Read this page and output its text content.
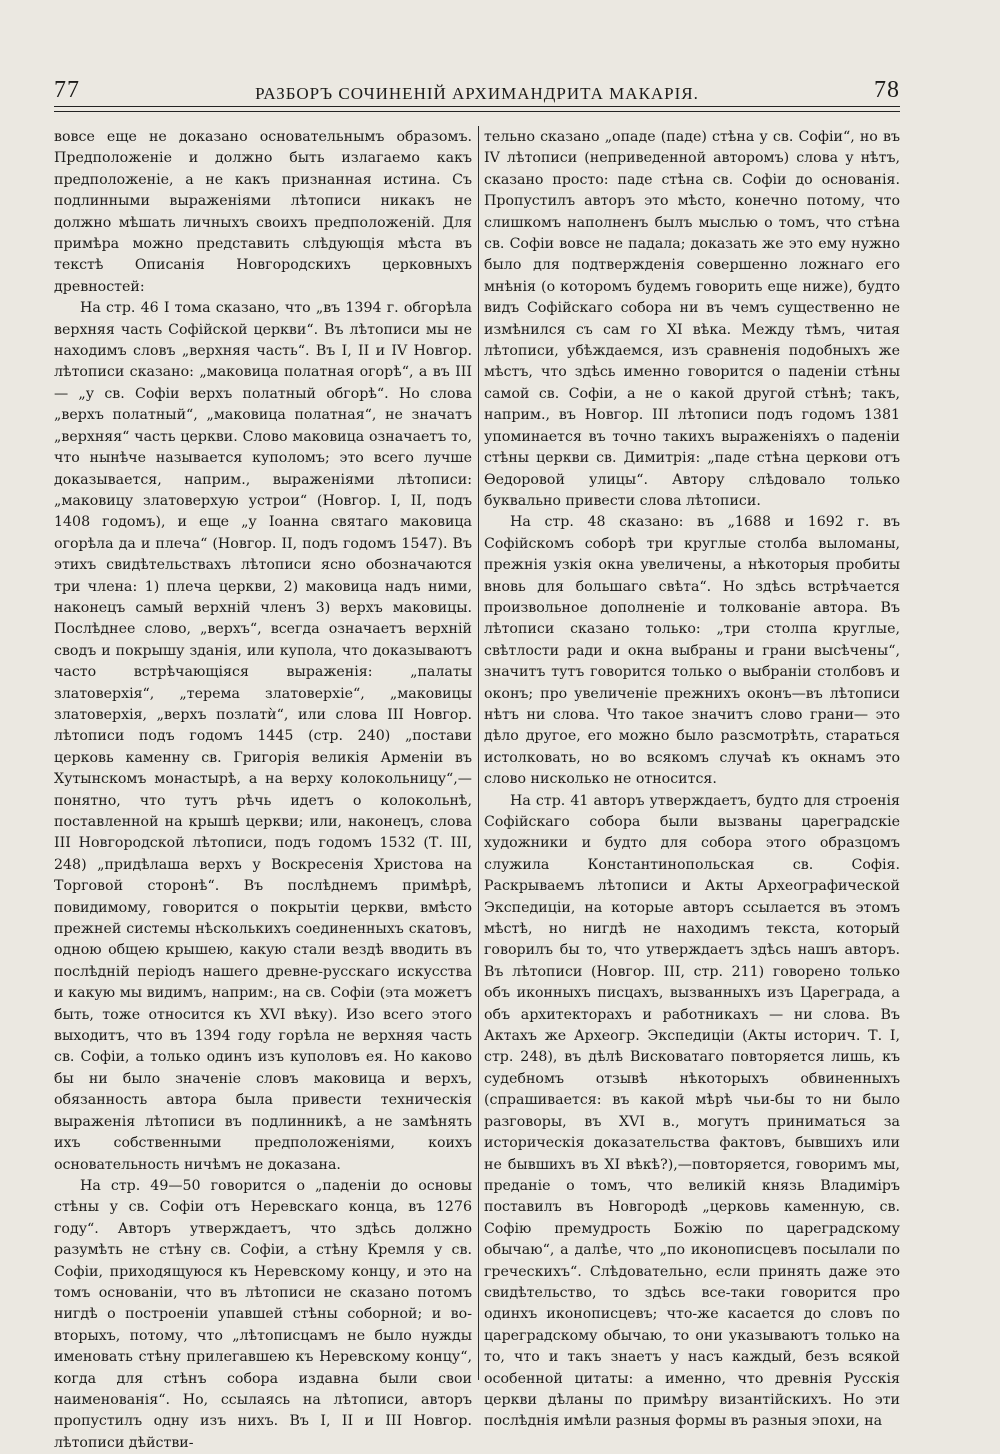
77	РАЗБОРЪ СОЧИНЕНІЙ АРХИМАНДРИТА МАКАРІЯ.	78

вовсе еще не доказано основательнымъ образомъ. Предположеніе и должно быть излагаемо какъ предположеніе, а не какъ признанная истина. Съ подлинными выраженіями лѣтописи никакъ не должно мѣшать личныхъ своихъ предположеній. Для примѣра можно представить слѣдующія мѣста въ текстѣ Описанія Новгородскихъ церковныхъ древностей:

На стр. 46 I тома сказано, что „въ 1394 г. обгорѣла верхняя часть Софійской церкви“. Въ лѣтописи мы не находимъ словъ „верхняя часть“. Въ I, II и IV Новгор. лѣтописи сказано: „маковица полатная огорѣ“, а въ III — „у св. Софіи верхъ полатный обгорѣ“. Но слова „верхъ полатный“, „маковица полатная“, не значатъ „верхняя“ часть церкви. Слово маковица означаетъ то, что нынѣче называется куполомъ; это всего лучше доказывается, наприм., выраженіями лѣтописи: „маковицу златоверхую устрои“ (Новгор. I, II, подъ 1408 годомъ), и еще „у Іоанна святаго маковица огорѣла да и плеча“ (Новгор. II, подъ годомъ 1547). Въ этихъ свидѣтельствахъ лѣтописи ясно обозначаются три члена: 1) плеча церкви, 2) маковица надъ ними, наконецъ самый верхній членъ 3) верхъ маковицы. Послѣднее слово, „верхъ“, всегда означаетъ верхній сводъ и покрышу зданія, или купола, что доказываютъ часто встрѣчающіяся выраженія: „палаты златоверхія“, „терема златоверхіе“, „маковицы златоверхія, „верхъ позлатѝ“, или слова III Новгор. лѣтописи подъ годомъ 1445 (стр. 240) „постави церковь каменну св. Григорія великія Арменіи въ Хутынскомъ монастырѣ, а на верху колокольницу“,— понятно, что тутъ рѣчь идетъ о колокольнѣ, поставленной на крышѣ церкви; или, наконецъ, слова III Новгородской лѣтописи, подъ годомъ 1532 (Т. III, 248) „придѣлаша верхъ у Воскресенія Христова на Торговой сторонѣ“. Въ послѣднемъ примѣрѣ, повидимому, говорится о покрытіи церкви, вмѣсто прежней системы нѣсколькихъ соединенныхъ скатовъ, одною общею крышею, какую стали вездѣ вводить въ послѣдній періодъ нашего древне-русскаго искусства и какую мы видимъ, наприм:, на св. Софіи (эта можетъ быть, тоже относится къ XVI вѣку). Изо всего этого выходитъ, что въ 1394 году горѣла не верхняя часть св. Софіи, а только одинъ изъ куполовъ ея. Но каково бы ни было значеніе словъ маковица и верхъ, обязанность автора была привести техническія выраженія лѣтописи въ подлинникѣ, а не замѣнять ихъ собственными предположеніями, коихъ основательность ничѣмъ не доказана.

На стр. 49—50 говорится о „паденіи до основы стѣны у св. Софіи отъ Неревскаго конца, въ 1276 году“. Авторъ утверждаетъ, что здѣсь должно разумѣть не стѣну св. Софіи, а стѣну Кремля у св. Софіи, приходящуюся къ Неревскому концу, и это на томъ основаніи, что въ лѣтописи не сказано потомъ нигдѣ о построеніи упавшей стѣны соборной; и во-вторыхъ, потому, что „лѣтописцамъ не было нужды именовать стѣну прилегавшею къ Неревскому концу“, когда для стѣнъ собора издавна были свои наименованія“. Но, ссылаясь на лѣтописи, авторъ пропустилъ одну изъ нихъ. Въ I, II и III Новгор. лѣтописи дѣйстви-

тельно сказано „опаде (паде) стѣна у св. Софіи“, но въ IV лѣтописи (неприведенной авторомъ) слова у нѣтъ, сказано просто: паде стѣна св. Софіи до основанія. Пропустилъ авторъ это мѣсто, конечно потому, что слишкомъ наполненъ былъ мыслью о томъ, что стѣна св. Софіи вовсе не падала; доказать же это ему нужно было для подтвержденія совершенно ложнаго его мнѣнія (о которомъ будемъ говорить еще ниже), будто видъ Софійскаго собора ни въ чемъ существенно не измѣнился съ сам го XI вѣка. Между тѣмъ, читая лѣтописи, убѣждаемся, изъ сравненія подобныхъ же мѣстъ, что здѣсь именно говорится о паденіи стѣны самой св. Софіи, а не о какой другой стѣнѣ; такъ, наприм., въ Новгор. III лѣтописи подъ годомъ 1381 упоминается въ точно такихъ выраженіяхъ о паденіи стѣны церкви св. Димитрія: „паде стѣна церкови отъ Ѳедоровой улицы“. Автору слѣдовало только буквально привести слова лѣтописи.

На стр. 48 сказано: въ „1688 и 1692 г. въ Софійскомъ соборѣ три круглые столба выломаны, прежнія узкія окна увеличены, а нѣкоторыя пробиты вновь для большаго свѣта“. Но здѣсь встрѣчается произвольное дополненіе и толкованіе автора. Въ лѣтописи сказано только: „три столпа круглые, свѣтлости ради и окна выбраны и грани высѣчены“, значитъ тутъ говорится только о выбраніи столбовъ и оконъ; про увеличеніе прежнихъ оконъ—въ лѣтописи нѣтъ ни слова. Что такое значитъ слово грани— это дѣло другое, его можно было разсмотрѣть, стараться истолковать, но во всякомъ случаѣ къ окнамъ это слово нисколько не относится.

На стр. 41 авторъ утверждаетъ, будто для строенія Софійскаго собора были вызваны цареградскіе художники и будто для собора этого образцомъ служила Константинопольская св. Софія. Раскрываемъ лѣтописи и Акты Археографической Экспедиціи, на которые авторъ ссылается въ этомъ мѣстѣ, но нигдѣ не находимъ текста, который говорилъ бы то, что утверждаетъ здѣсь нашъ авторъ. Въ лѣтописи (Новгор. III, стр. 211) говорено только объ иконныхъ писцахъ, вызванныхъ изъ Цареграда, а объ архитекторахъ и работникахъ — ни слова. Въ Актахъ же Археогр. Экспедиціи (Акты историч. Т. I, стр. 248), въ дѣлѣ Висковатаго повторяется лишь, къ судебномъ отзывѣ нѣкоторыхъ обвиненныхъ (спрашивается: въ какой мѣрѣ чьи-бы то ни было разговоры, въ XVI в., могутъ приниматься за историческія доказательства фактовъ, бывшихъ или не бывшихъ въ XI вѣкѣ?),—повторяется, говоримъ мы, преданіе о томъ, что великій князь Владиміръ поставилъ въ Новгородѣ „церковь каменную, св. Софію премудрость Божію по цареградскому обычаю“, а далѣе, что „по иконописцевъ посылали по греческихъ“. Слѣдовательно, если принять даже это свидѣтельство, то здѣсь все-таки говорится про одинхъ иконописцевъ; что-же касается до словъ по цареградскому обычаю, то они указываютъ только на то, что и такъ знаетъ у насъ каждый, безъ всякой особенной цитаты: а именно, что древнія Русскія церкви дѣланы по примѣру византійскихъ. Но эти послѣднія имѣли разныя формы въ разныя эпохи, на
